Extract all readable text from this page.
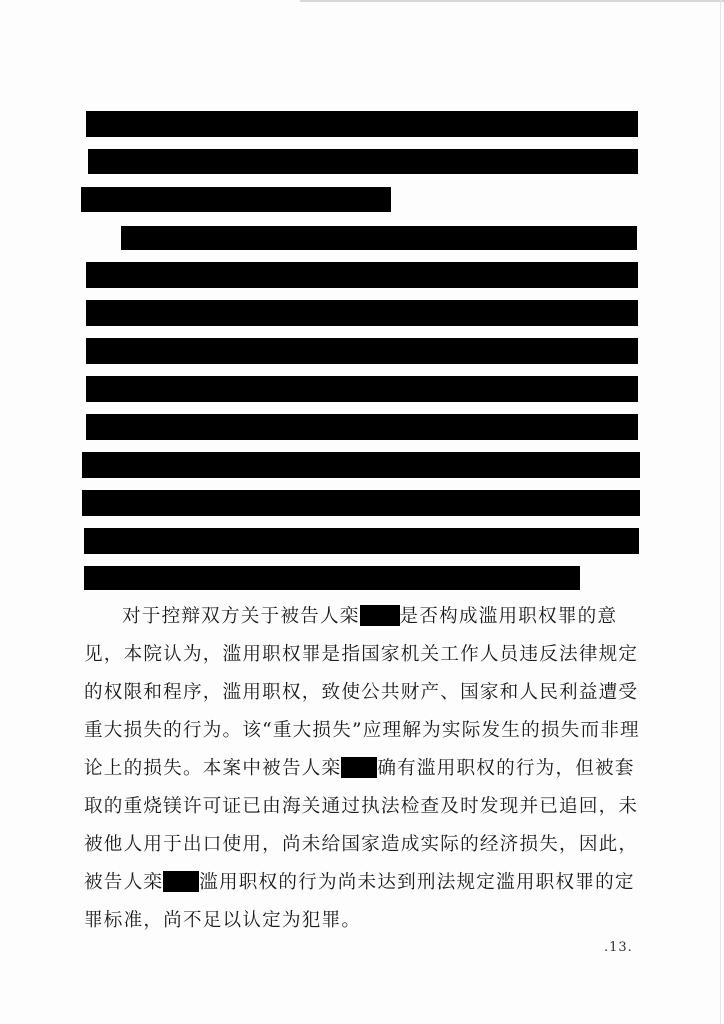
对于控辩双方关于被告人栾 是否构成滥用职权罪的意
见，本院认为，滥用职权罪是指国家机关工作人员违反法律规定
的权限和程序，滥用职权，致使公共财产、国家和人民利益遭受
重大损失的行为。该“重大损失”应理解为实际发生的损失而非理
论上的损失。本案中被告人栾 确有滥用职权的行为，但被套
取的重烧镁许可证已由海关通过执法检查及时发现并已追回，未
被他人用于出口使用，尚未给国家造成实际的经济损失，因此，
被告人栾 滥用职权的行为尚未达到刑法规定滥用职权罪的定
罪标准，尚不足以认定为犯罪。
.13.
